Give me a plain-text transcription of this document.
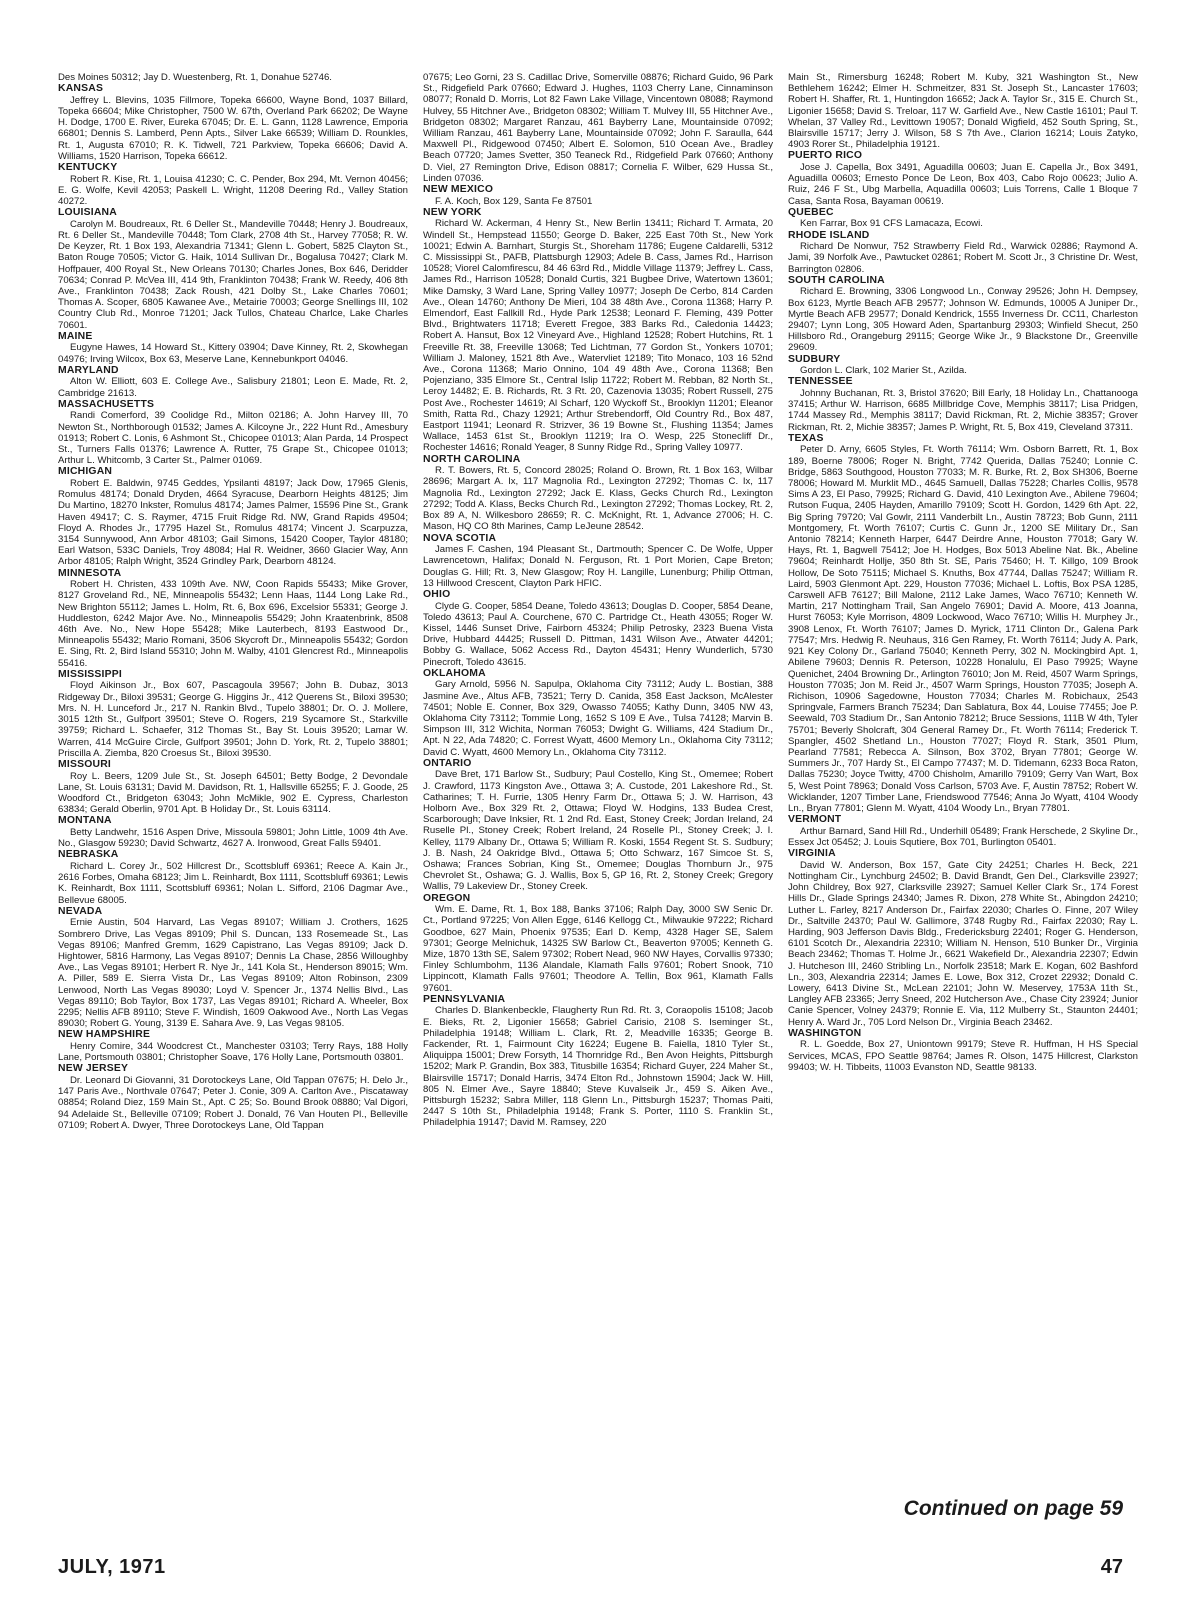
Des Moines 50312; Jay D. Wuestenberg, Rt. 1, Donahue 52746.
KANSAS
Jeffrey L. Blevins, 1035 Fillmore, Topeka 66600, Wayne Bond, 1037 Billard, Topeka 66604; Mike Christopher, 7500 W. 67th, Overland Park 66202; De Wayne H. Dodge, 1700 E. River, Eureka 67045; Dr. E. L. Gann, 1128 Lawrence, Emporia 66801; Dennis S. Lamberd, Penn Apts., Silver Lake 66539; William D. Rounkles, Rt. 1, Augusta 67010; R. K. Tidwell, 721 Parkview, Topeka 66606; David A. Williams, 1520 Harrison, Topeka 66612.
KENTUCKY
Robert R. Kise, Rt. 1, Louisa 41230; C. C. Pender, Box 294, Mt. Vernon 40456; E. G. Wolfe, Kevil 42053; Paskell L. Wright, 11208 Deering Rd., Valley Station 40272.
LOUISIANA
Carolyn M. Boudreaux, Rt. 6 Deller St., Mandeville 70448; Henry J. Boudreaux, Rt. 6 Deller St., Mandeville 70448; Tom Clark, 2708 4th St., Harvey 77058; R. W. De Keyzer, Rt. 1 Box 193, Alexandria 71341; Glenn L. Gobert, 5825 Clayton St., Baton Rouge 70505; Victor G. Haik, 1014 Sullivan Dr., Bogalusa 70427; Clark M. Hoffpauer, 400 Royal St., New Orleans 70130; Charles Jones, Box 646, Deridder 70634; Conrad P. McVea III, 414 9th, Franklinton 70438; Frank W. Reedy, 406 8th Ave., Franklinton 70438; Zack Roush, 421 Dolby St., Lake Charles 70601; Thomas A. Scoper, 6805 Kawanee Ave., Metairie 70003; George Snellings III, 102 Country Club Rd., Monroe 71201; Jack Tullos, Chateau Charlce, Lake Charles 70601.
MAINE
Eugyne Hawes, 14 Howard St., Kittery 03904; Dave Kinney, Rt. 2, Skowhegan 04976; Irving Wilcox, Box 63, Meserve Lane, Kennebunkport 04046.
MARYLAND
Alton W. Elliott, 603 E. College Ave., Salisbury 21801; Leon E. Made, Rt. 2, Cambridge 21613.
MASSACHUSETTS
Randi Comerford, 39 Coolidge Rd., Milton 02186; A. John Harvey III, 70 Newton St., Northborough 01532; James A. Kilcoyne Jr., 222 Hunt Rd., Amesbury 01913; Robert C. Lonis, 6 Ashmont St., Chicopee 01013; Alan Parda, 14 Prospect St., Turners Falls 01376; Lawrence A. Rutter, 75 Grape St., Chicopee 01013; Arthur L. Whitcomb, 3 Carter St., Palmer 01069.
MICHIGAN
Robert E. Baldwin, 9745 Geddes, Ypsilanti 48197; Jack Dow, 17965 Glenis, Romulus 48174; Donald Dryden, 4664 Syracuse, Dearborn Heights 48125; Jim Du Martino, 18270 Inkster, Romulus 48174; James Palmer, 15596 Pine St., Grank Haven 49417; C. S. Raymer, 4715 Fruit Ridge Rd. NW, Grand Rapids 49504; Floyd A. Rhodes Jr., 17795 Hazel St., Romulus 48174; Vincent J. Scarpuzza, 3154 Sunnywood, Ann Arbor 48103; Gail Simons, 15420 Cooper, Taylor 48180; Earl Watson, 533C Daniels, Troy 48084; Hal R. Weidner, 3660 Glacier Way, Ann Arbor 48105; Ralph Wright, 3524 Grindley Park, Dearborn 48124.
MINNESOTA
Robert H. Christen, 433 109th Ave. NW, Coon Rapids 55433; Mike Grover, 8127 Groveland Rd., NE, Minneapolis 55432; Lenn Haas, 1144 Long Lake Rd., New Brighton 55112; James L. Holm, Rt. 6, Box 696, Excelsior 55331; George J. Huddleston, 6242 Major Ave. No., Minneapolis 55429; John Kraatenbrink, 8508 46th Ave. No., New Hope 55428; Mike Lauterbech, 8193 Eastwood Dr., Minneapolis 55432; Mario Romani, 3506 Skycroft Dr., Minneapolis 55432; Gordon E. Sing, Rt. 2, Bird Island 55310; John M. Walby, 4101 Glencrest Rd., Minneapolis 55416.
MISSISSIPPI
Floyd Aikinson Jr., Box 607, Pascagoula 39567; John B. Dubaz, 3013 Ridgeway Dr., Biloxi 39531; George G. Higgins Jr., 412 Querens St., Biloxi 39530; Mrs. N. H. Lunceford Jr., 217 N. Rankin Blvd., Tupelo 38801; Dr. O. J. Mollere, 3015 12th St., Gulfport 39501; Steve O. Rogers, 219 Sycamore St., Starkville 39759; Richard L. Schaefer, 312 Thomas St., Bay St. Louis 39520; Lamar W. Warren, 414 McGuire Circle, Gulfport 39501; John D. York, Rt. 2, Tupelo 38801; Priscilla A. Ziemba, 820 Croesus St., Biloxi 39530.
MISSOURI
Roy L. Beers, 1209 Jule St., St. Joseph 64501; Betty Bodge, 2 Devondale Lane, St. Louis 63131; David M. Davidson, Rt. 1, Hallsville 65255; F. J. Goode, 25 Woodford Ct., Bridgeton 63043; John McMikle, 902 E. Cypress, Charleston 63834; Gerald Oberlin, 9701 Apt. B Holiday Dr., St. Louis 63114.
MONTANA
Betty Landwehr, 1516 Aspen Drive, Missoula 59801; John Little, 1009 4th Ave. No., Glasgow 59230; David Schwartz, 4627 A. Ironwood, Great Falls 59401.
NEBRASKA
Richard L. Corey Jr., 502 Hillcrest Dr., Scottsbluff 69361; Reece A. Kain Jr., 2616 Forbes, Omaha 68123; Jim L. Reinhardt, Box 1111, Scottsbluff 69361; Lewis K. Reinhardt, Box 1111, Scottsbluff 69361; Nolan L. Sifford, 2106 Dagmar Ave., Bellevue 68005.
NEVADA
Ernie Austin, 504 Harvard, Las Vegas 89107; William J. Crothers, 1625 Sombrero Drive, Las Vegas 89109; Phil S. Duncan, 133 Rosemeade St., Las Vegas 89106; Manfred Gremm, 1629 Capistrano, Las Vegas 89109; Jack D. Hightower, 5816 Harmony, Las Vegas 89107; Dennis La Chase, 2856 Willoughby Ave., Las Vegas 89101; Herbert R. Nye Jr., 141 Kola St., Henderson 89015; Wm. A. Piller, 589 E. Sierra Vista Dr., Las Vegas 89109; Alton Robinson, 2309 Lenwood, North Las Vegas 89030; Loyd V. Spencer Jr., 1374 Nellis Blvd., Las Vegas 89110; Bob Taylor, Box 1737, Las Vegas 89101; Richard A. Wheeler, Box 2295; Nellis AFB 89110; Steve F. Windish, 1609 Oakwood Ave., North Las Vegas 89030; Robert G. Young, 3139 E. Sahara Ave. 9, Las Vegas 98105.
NEW HAMPSHIRE
Henry Comire, 344 Woodcrest Ct., Manchester 03103; Terry Rays, 188 Holly Lane, Portsmouth 03801; Christopher Soave, 176 Holly Lane, Portsmouth 03801.
NEW JERSEY
Dr. Leonard Di Giovanni, 31 Dorotockeys Lane, Old Tappan 07675; H. Delo Jr., 147 Paris Ave., Northvale 07647; Peter J. Conie, 309 A. Carlton Ave., Piscataway 08854; Roland Diez, 159 Main St., Apt. C 25; So. Bound Brook 08880; Val Digori, 94 Adelaide St., Belleville 07109; Robert J. Donald, 76 Van Houten Pl., Belleville 07109; Robert A. Dwyer, Three Dorotockeys Lane, Old Tappan
07675; Leo Gorni, 23 S. Cadillac Drive, Somerville 08876; Richard Guido, 96 Park St., Ridgefield Park 07660; Edward J. Hughes, 1103 Cherry Lane, Cinnaminson 08077; Ronald D. Morris, Lot 82 Fawn Lake Village, Vincentown 08088; Raymond Hulvey, 55 Hitchner Ave., Bridgeton 08302; William T. Mulvey III, 55 Hitchner Ave., Bridgeton 08302; Margaret Ranzau, 461 Bayberry Lane, Mountainside 07092; William Ranzau, 461 Bayberry Lane, Mountainside 07092; John F. Saraulla, 644 Maxwell Pl., Ridgewood 07450; Albert E. Solomon, 510 Ocean Ave., Bradley Beach 07720; James Svetter, 350 Teaneck Rd., Ridgefield Park 07660; Anthony D. Viel, 27 Remington Drive, Edison 08817; Cornelia F. Wilber, 629 Hussa St., Linden 07036.
NEW MEXICO
F. A. Koch, Box 129, Santa Fe 87501
NEW YORK
Richard W. Ackerman, 4 Henry St., New Berlin 13411; Richard T. Armata, 20 Windell St., Hempstead 11550; George D. Baker, 225 East 70th St., New York 10021; Edwin A. Barnhart, Sturgis St., Shoreham 11786; Eugene Caldarelli, 5312 C. Mississippi St., PAFB, Plattsburgh 12903; Adele B. Cass, James Rd., Harrison 10528; Viorel Calomfirescu, 84 46 63rd Rd., Middle Village 11379; Jeffrey L. Cass, James Rd., Harrison 10528; Donald Curtis, 321 Bugbee Drive, Watertown 13601; Mike Damsky, 3 Ward Lane, Spring Valley 10977; Joseph De Cerbo, 814 Carden Ave., Olean 14760; Anthony De Mieri, 104 38 48th Ave., Corona 11368; Harry P. Elmendorf, East Fallkill Rd., Hyde Park 12538; Leonard F. Fleming, 439 Potter Blvd., Brightwaters 11718; Everett Fregoe, 383 Barks Rd., Caledonia 14423; Robert A. Hansut, Box 12 Vineyard Ave., Highland 12528; Robert Hutchins, Rt. 1 Freeville Rt. 38, Freeville 13068; Ted Lichtman, 77 Gordon St., Yonkers 10701; William J. Maloney, 1521 8th Ave., Watervliet 12189; Tito Monaco, 103 16 52nd Ave., Corona 11368; Mario Onnino, 104 49 48th Ave., Corona 11368; Ben Pojenziano, 335 Elmore St., Central Islip 11722; Robert M. Rebban, 82 North St., Leroy 14482; E. B. Richards, Rt. 3 Rt. 20, Cazenovia 13035; Robert Russell, 275 Post Ave., Rochester 14619; Al Scharf, 120 Wyckoff St., Brooklyn 11201; Eleanor Smith, Ratta Rd., Chazy 12921; Arthur Strebendorff, Old Country Rd., Box 487, Eastport 11941; Leonard R. Strizver, 36 19 Bowne St., Flushing 11354; James Wallace, 1453 61st St., Brooklyn 11219; Ira O. Wesp, 225 Stonecliff Dr., Rochester 14616; Ronald Yeager, 8 Sunny Ridge Rd., Spring Valley 10977.
NORTH CAROLINA
R. T. Bowers, Rt. 5, Concord 28025; Roland O. Brown, Rt. 1 Box 163, Wilbar 28696; Margart A. Ix, 117 Magnolia Rd., Lexington 27292; Thomas C. Ix, 117 Magnolia Rd., Lexington 27292; Jack E. Klass, Gecks Church Rd., Lexington 27292; Todd A. Klass, Becks Church Rd., Lexington 27292; Thomas Lockey, Rt. 2, Box 89 A, N. Wilkesboro 28659; R. C. McKnight, Rt. 1, Advance 27006; H. C. Mason, HQ CO 8th Marines, Camp LeJeune 28542.
NOVA SCOTIA
James F. Cashen, 194 Pleasant St., Dartmouth; Spencer C. De Wolfe, Upper Lawrencetown, Halifax; Donald N. Ferguson, Rt. 1 Port Morien, Cape Breton; Douglas G. Hill; Rt. 3, New Glasgow; Roy H. Langille, Lunenburg; Philip Ottman, 13 Hillwood Crescent, Clayton Park HFIC.
OHIO
Clyde G. Cooper, 5854 Deane, Toledo 43613; Douglas D. Cooper, 5854 Deane, Toledo 43613; Paul A. Courchene, 670 C. Partridge Ct., Heath 43055; Roger W. Kissel, 1446 Sunset Drive, Fairborn 45324; Philip Petrosky, 2323 Buena Vista Drive, Hubbard 44425; Russell D. Pittman, 1431 Wilson Ave., Atwater 44201; Bobby G. Wallace, 5062 Access Rd., Dayton 45431; Henry Wunderlich, 5730 Pinecroft, Toledo 43615.
OKLAHOMA
Gary Arnold, 5956 N. Sapulpa, Oklahoma City 73112; Audy L. Bostian, 388 Jasmine Ave., Altus AFB, 73521; Terry D. Canida, 358 East Jackson, McAlester 74501; Noble E. Conner, Box 329, Owasso 74055; Kathy Dunn, 3405 NW 43, Oklahoma City 73112; Tommie Long, 1652 S 109 E Ave., Tulsa 74128; Marvin B. Simpson III, 312 Wichita, Norman 76053; Dwight G. Williams, 424 Stadium Dr., Apt. N 22, Ada 74820; C. Forrest Wyatt, 4600 Memory Ln., Oklahoma City 73112; David C. Wyatt, 4600 Memory Ln., Oklahoma City 73112.
ONTARIO
Dave Bret, 171 Barlow St., Sudbury; Paul Costello, King St., Omemee; Robert J. Crawford, 1173 Kingston Ave., Ottawa 3; A. Custode, 201 Lakeshore Rd., St. Catharines; T. H. Furrie, 1305 Henry Farm Dr., Ottawa 5; J. W. Harrison, 43 Holborn Ave., Box 329 Rt. 2, Ottawa; Floyd W. Hodgins, 133 Budea Crest, Scarborough; Dave Inksier, Rt. 1 2nd Rd. East, Stoney Creek; Jordan Ireland, 24 Ruselle Pl., Stoney Creek; Robert Ireland, 24 Roselle Pl., Stoney Creek; J. I. Kelley, 1179 Albany Dr., Ottawa 5; William R. Koski, 1554 Regent St. S. Sudbury; J. B. Nash, 24 Oakridge Blvd., Ottawa 5; Otto Schwarz, 167 Simcoe St. S, Oshawa; Frances Sobrian, King St., Omemee; Douglas Thornburn Jr., 975 Chevrolet St., Oshawa; G. J. Wallis, Box 5, GP 16, Rt. 2, Stoney Creek; Gregory Wallis, 79 Lakeview Dr., Stoney Creek.
OREGON
Wm. E. Dame, Rt. 1, Box 188, Banks 37106; Ralph Day, 3000 SW Senic Dr. Ct., Portland 97225; Von Allen Egge, 6146 Kellogg Ct., Milwaukie 97222; Richard Goodboe, 627 Main, Phoenix 97535; Earl D. Kemp, 4328 Hager SE, Salem 97301; George Melnichuk, 14325 SW Barlow Ct., Beaverton 97005; Kenneth G. Mize, 1870 13th SE, Salem 97302; Robert Nead, 960 NW Hayes, Corvallis 97330; Finley Schlumbohm, 1136 Alandale, Klamath Falls 97601; Robert Snook, 710 Lippincott, Klamath Falls 97601; Theodore A. Tellin, Box 961, Klamath Falls 97601.
PENNSYLVANIA
Charles D. Blankenbeckle, Flaugherty Run Rd. Rt. 3, Coraopolis 15108; Jacob E. Bieks, Rt. 2, Ligonier 15658; Gabriel Carisio, 2108 S. Iseminger St., Philadelphia 19148; William L. Clark, Rt. 2, Meadville 16335; George B. Fackender, Rt. 1, Fairmount City 16224; Eugene B. Faiella, 1810 Tyler St., Aliquippa 15001; Drew Forsyth, 14 Thornridge Rd., Ben Avon Heights, Pittsburgh 15202; Mark P. Grandin, Box 383, Titusbille 16354; Richard Guyer, 224 Maher St., Blairsville 15717; Donald Harris, 3474 Elton Rd., Johnstown 15904; Jack W. Hill, 805 N. Elmer Ave., Sayre 18840; Steve Kuvalseik Jr., 459 S. Aiken Ave., Pittsburgh 15232; Sabra Miller, 118 Glenn Ln., Pittsburgh 15237; Thomas Paiti, 2447 S 10th St., Philadelphia 19148; Frank S. Porter, 1110 S. Franklin St., Philadelphia 19147; David M. Ramsey, 220
Main St., Rimersburg 16248; Robert M. Kuby, 321 Washington St., New Bethlehem 16242; Elmer H. Schmeitzer, 831 St. Joseph St., Lancaster 17603; Robert H. Shaffer, Rt. 1, Huntingdon 16652; Jack A. Taylor Sr., 315 E. Church St., Ligonier 15658; David S. Treloar, 117 W. Garfield Ave., New Castle 16101; Paul T. Whelan, 37 Valley Rd., Levittown 19057; Donald Wigfield, 452 South Spring, St., Blairsville 15717; Jerry J. Wilson, 58 S 7th Ave., Clarion 16214; Louis Zatyko, 4903 Rorer St., Philadelphia 19121.
PUERTO RICO
Jose J. Capella, Box 3491, Aguadilla 00603; Juan E. Capella Jr., Box 3491, Aguadilla 00603; Ernesto Ponce De Leon, Box 403, Cabo Rojo 00623; Julio A. Ruiz, 246 F St., Ubg Marbella, Aquadilla 00603; Luis Torrens, Calle 1 Bloque 7 Casa, Santa Rosa, Bayaman 00619.
QUEBEC
Ken Farrar, Box 91 CFS Lamacaza, Ecowi.
RHODE ISLAND
Richard De Nonwur, 752 Strawberry Field Rd., Warwick 02886; Raymond A. Jami, 39 Norfolk Ave., Pawtucket 02861; Robert M. Scott Jr., 3 Christine Dr. West, Barrington 02806.
SOUTH CAROLINA
Richard E. Browning, 3306 Longwood Ln., Conway 29526; John H. Dempsey, Box 6123, Myrtle Beach AFB 29577; Johnson W. Edmunds, 10005 A Juniper Dr., Myrtle Beach AFB 29577; Donald Kendrick, 1555 Inverness Dr. CC11, Charleston 29407; Lynn Long, 305 Howard Aden, Spartanburg 29303; Winfield Shecut, 250 Hillsboro Rd., Orangeburg 29115; George Wike Jr., 9 Blackstone Dr., Greenville 29609.
SUDBURY
Gordon L. Clark, 102 Marier St., Azilda.
TENNESSEE
Johnny Buchanan, Rt. 3, Bristol 37620; Bill Early, 18 Holiday Ln., Chattanooga 37415; Arthur W. Harrison, 6685 Millbridge Cove, Memphis 38117; Lisa Pridgen, 1744 Massey Rd., Memphis 38117; David Rickman, Rt. 2, Michie 38357; Grover Rickman, Rt. 2, Michie 38357; James P. Wright, Rt. 5, Box 419, Cleveland 37311.
TEXAS
Peter D. Arny, 6605 Styles, Ft. Worth 76114; Wm. Osborn Barrett, Rt. 1, Box 189, Boerne 78006; Roger N. Bright, 7742 Querida, Dallas 75240; Lonnie C. Bridge, 5863 Southgood, Houston 77033; M. R. Burke, Rt. 2, Box SH306, Boerne 78006; Howard M. Murklit MD., 4645 Samuell, Dallas 75228; Charles Collis, 9578 Sims A 23, El Paso, 79925; Richard G. David, 410 Lexington Ave., Abilene 79604; Rutson Fuqua, 2405 Hayden, Amarillo 79109; Scott H. Gordon, 1429 6th Apt. 22, Big Spring 79720; Val Gowlr, 2111 Vanderbilt Ln., Austin 78723; Bob Gunn, 2111 Montgomery, Ft. Worth 76107; Curtis C. Gunn Jr., 1200 SE Military Dr., San Antonio 78214; Kenneth Harper, 6447 Deirdre Anne, Houston 77018; Gary W. Hays, Rt. 1, Bagwell 75412; Joe H. Hodges, Box 5013 Abeline Nat. Bk., Abeline 79604; Reinhardt Hollje, 350 8th St. SE, Paris 75460; H. T. Killgo, 109 Brook Hollow, De Soto 75115; Michael S. Knuths, Box 47744, Dallas 75247; William R. Laird, 5903 Glenmont Apt. 229, Houston 77036; Michael L. Loftis, Box PSA 1285, Carswell AFB 76127; Bill Malone, 2112 Lake James, Waco 76710; Kenneth W. Martin, 217 Nottingham Trail, San Angelo 76901; David A. Moore, 413 Joanna, Hurst 76053; Kyle Morrison, 4809 Lockwood, Waco 76710; Willis H. Murphey Jr., 3908 Lenox, Ft. Worth 76107; James D. Myrick, 1711 Clinton Dr., Galena Park 77547; Mrs. Hedwig R. Neuhaus, 316 Gen Ramey, Ft. Worth 76114; Judy A. Park, 921 Key Colony Dr., Garland 75040; Kenneth Perry, 302 N. Mockingbird Apt. 1, Abilene 79603; Dennis R. Peterson, 10228 Honalulu, El Paso 79925; Wayne Quenichet, 2404 Browning Dr., Arlington 76010; Jon M. Reid, 4507 Warm Springs, Houston 77035; Jon M. Reid Jr., 4507 Warm Springs, Houston 77035; Joseph A. Richison, 10906 Sagedowne, Houston 77034; Charles M. Robichaux, 2543 Springvale, Farmers Branch 75234; Dan Sablatura, Box 44, Louise 77455; Joe P. Seewald, 703 Stadium Dr., San Antonio 78212; Bruce Sessions, 111B W 4th, Tyler 75701; Beverly Sholcraft, 304 General Ramey Dr., Ft. Worth 76114; Frederick T. Spangler, 4502 Shetland Ln., Houston 77027; Floyd R. Stark, 3501 Plum, Pearland 77581; Rebecca A. Silnson, Box 3702, Bryan 77801; George W. Summers Jr., 707 Hardy St., El Campo 77437; M. D. Tidemann, 6233 Boca Raton, Dallas 75230; Joyce Twitty, 4700 Chisholm, Amarillo 79109; Gerry Van Wart, Box 5, West Point 78963; Donald Voss Carlson, 5703 Ave. F, Austin 78752; Robert W. Wicklander, 1207 Timber Lane, Friendswood 77546; Anna Jo Wyatt, 4104 Woody Ln., Bryan 77801; Glenn M. Wyatt, 4104 Woody Ln., Bryan 77801.
VERMONT
Arthur Barnard, Sand Hill Rd., Underhill 05489; Frank Herschede, 2 Skyline Dr., Essex Jct 05452; J. Louis Squtiere, Box 701, Burlington 05401.
VIRGINIA
David W. Anderson, Box 157, Gate City 24251; Charles H. Beck, 221 Nottingham Cir., Lynchburg 24502; B. David Brandt, Gen Del., Clarksville 23927; John Childrey, Box 927, Clarksville 23927; Samuel Keller Clark Sr., 174 Forest Hills Dr., Glade Springs 24340; James R. Dixon, 278 White St., Abingdon 24210; Luther L. Farley, 8217 Anderson Dr., Fairfax 22030; Charles O. Finne, 207 Wiley Dr., Saltville 24370; Paul W. Gallimore, 3748 Rugby Rd., Fairfax 22030; Ray L. Harding, 903 Jefferson Davis Bldg., Fredericksburg 22401; Roger G. Henderson, 6101 Scotch Dr., Alexandria 22310; William N. Henson, 510 Bunker Dr., Virginia Beach 23462; Thomas T. Holme Jr., 6621 Wakefield Dr., Alexandria 22307; Edwin J. Hutcheson III, 2460 Stribling Ln., Norfolk 23518; Mark E. Kogan, 602 Bashford Ln., 303, Alexandria 22314; James E. Lowe, Box 312, Crozet 22932; Donald C. Lowery, 6413 Divine St., McLean 22101; John W. Meservey, 1753A 11th St., Langley AFB 23365; Jerry Sneed, 202 Hutcherson Ave., Chase City 23924; Junior Canie Spencer, Volney 24379; Ronnie E. Via, 112 Mulberry St., Staunton 24401; Henry A. Ward Jr., 705 Lord Nelson Dr., Virginia Beach 23462.
WASHINGTON
R. L. Goedde, Box 27, Uniontown 99179; Steve R. Huffman, H HS Special Services, MCAS, FPO Seattle 98764; James R. Olson, 1475 Hillcrest, Clarkston 99403; W. H. Tibbeits, 11003 Evanston ND, Seattle 98133.
Continued on page 59
JULY, 1971	47
